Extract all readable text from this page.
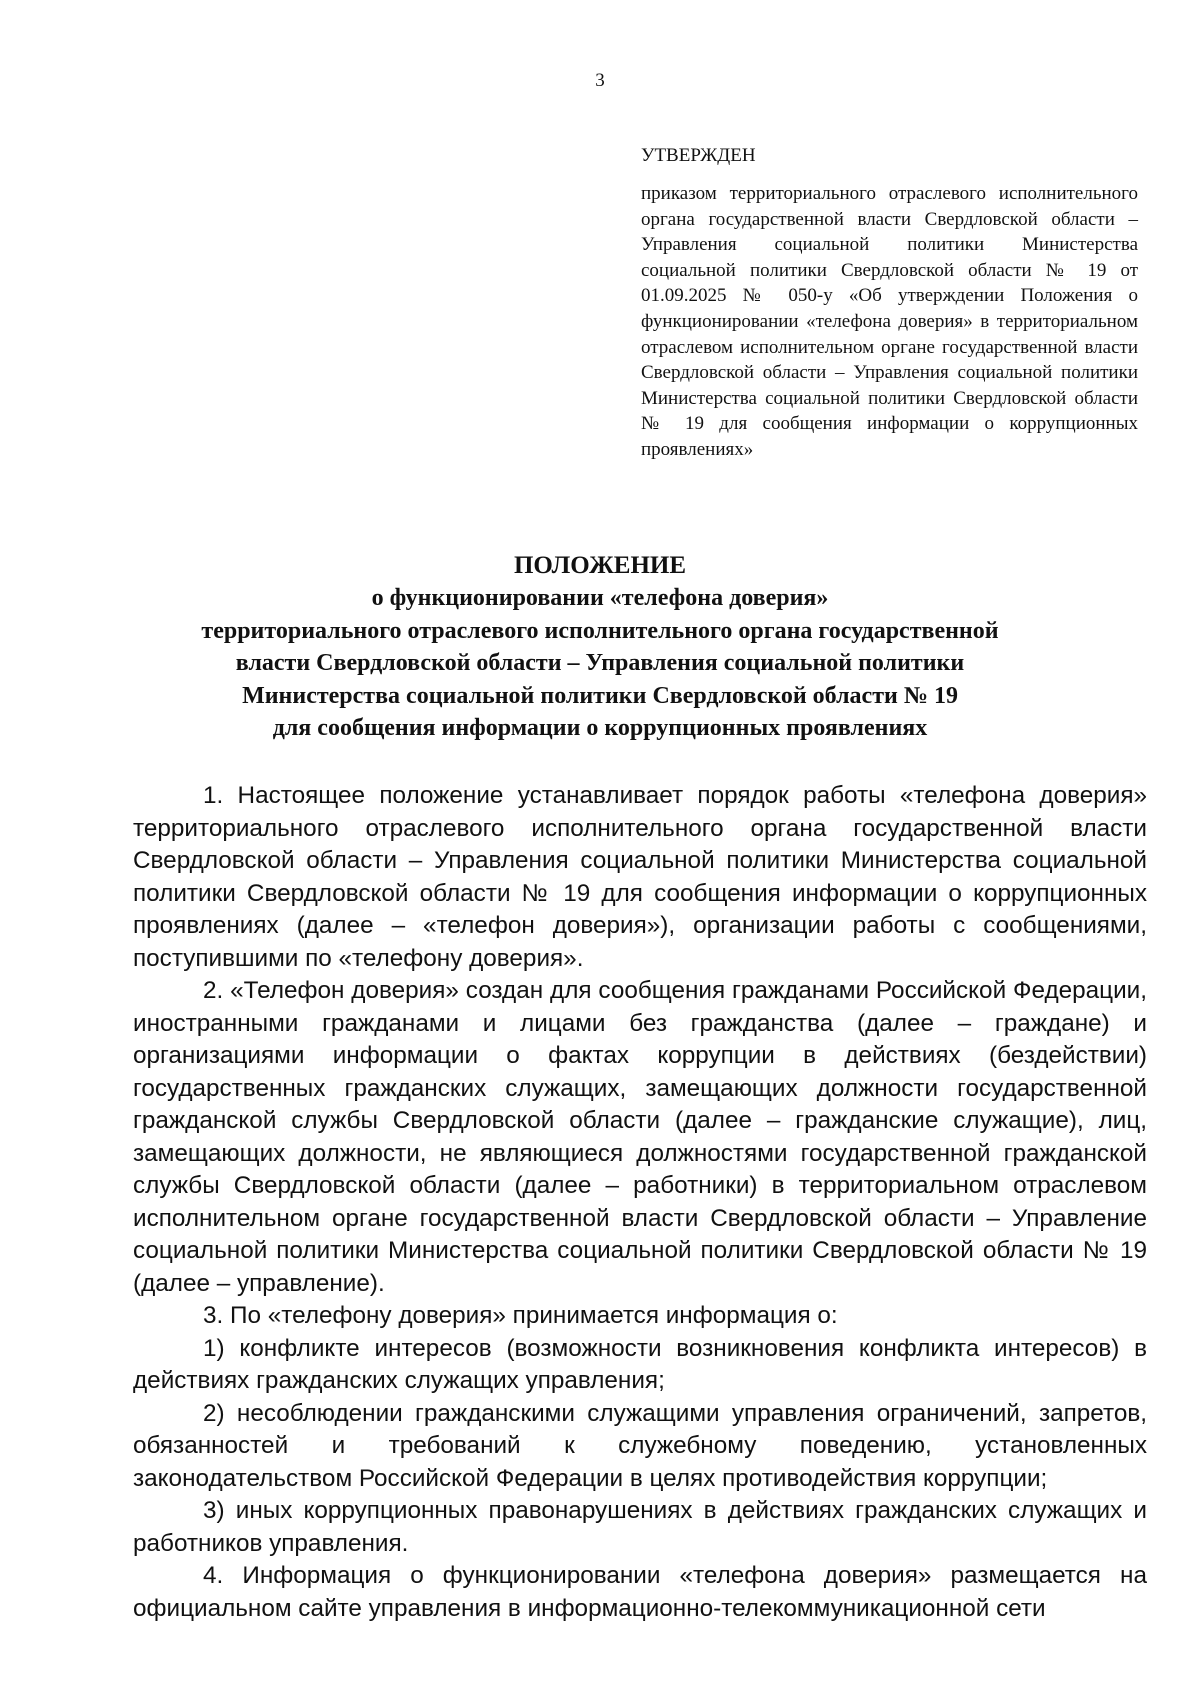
3

УТВЕРЖДЕН

приказом территориального отраслевого исполнительного органа государственной власти Свердловской области – Управления социальной политики Министерства социальной политики Свердловской области № 19 от 01.09.2025 № 050-у «Об утверждении Положения о функционировании «телефона доверия» в территориальном отраслевом исполнительном органе государственной власти Свердловской области – Управления социальной политики Министерства социальной политики Свердловской области № 19 для сообщения информации о коррупционных проявлениях»

ПОЛОЖЕНИЕ

о функционировании «телефона доверия»

территориального отраслевого исполнительного органа государственной

власти Свердловской области – Управления социальной политики

Министерства социальной политики Свердловской области № 19

для сообщения информации о коррупционных проявлениях

1. Настоящее положение устанавливает порядок работы «телефона доверия» территориального отраслевого исполнительного органа государственной власти Свердловской области – Управления социальной политики Министерства социальной политики Свердловской области № 19 для сообщения информации о коррупционных проявлениях (далее – «телефон доверия»), организации работы с сообщениями, поступившими по «телефону доверия».

2. «Телефон доверия» создан для сообщения гражданами Российской Федерации, иностранными гражданами и лицами без гражданства (далее – граждане) и организациями информации о фактах коррупции в действиях (бездействии) государственных гражданских служащих, замещающих должности государственной гражданской службы Свердловской области (далее – гражданские служащие), лиц, замещающих должности, не являющиеся должностями государственной гражданской службы Свердловской области (далее – работники) в территориальном отраслевом исполнительном органе государственной власти Свердловской области – Управление социальной политики Министерства социальной политики Свердловской области № 19 (далее – управление).

3. По «телефону доверия» принимается информация о:

1) конфликте интересов (возможности возникновения конфликта интересов) в действиях гражданских служащих управления;

2) несоблюдении гражданскими служащими управления ограничений, запретов, обязанностей и требований к служебному поведению, установленных законодательством Российской Федерации в целях противодействия коррупции;

3) иных коррупционных правонарушениях в действиях гражданских служащих и работников управления.

4. Информация о функционировании «телефона доверия» размещается на официальном сайте управления в информационно-телекоммуникационной сети
